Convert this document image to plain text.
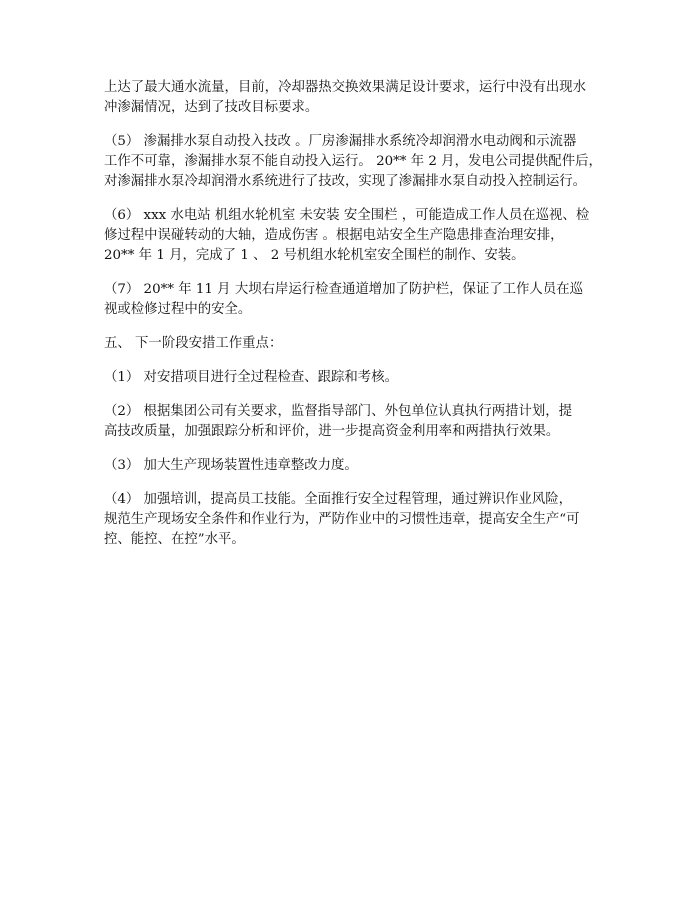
上达了最大通水流量，目前，冷却器热交换效果满足设计要求，运行中没有出现水
冲渗漏情况，达到了技改目标要求。

（5） 渗漏排水泵自动投入技改 。厂房渗漏排水系统冷却润滑水电动阀和示流器
工作不可靠，渗漏排水泵不能自动投入运行。 20** 年 2 月，发电公司提供配件后，
对渗漏排水泵冷却润滑水系统进行了技改，实现了渗漏排水泵自动投入控制运行。

（6） xxx 水电站 机组水轮机室 未安装 安全围栏 ，可能造成工作人员在巡视、检
修过程中误碰转动的大轴，造成伤害 。根据电站安全生产隐患排查治理安排，
20** 年 1 月，完成了 1 、 2 号机组水轮机室安全围栏的制作、安装。

（7） 20** 年 11 月 大坝右岸运行检查通道增加了防护栏，保证了工作人员在巡
视或检修过程中的安全。

五、 下一阶段安措工作重点：

（1） 对安措项目进行全过程检查、跟踪和考核。

（2） 根据集团公司有关要求，监督指导部门、外包单位认真执行两措计划，提
高技改质量，加强跟踪分析和评价，进一步提高资金利用率和两措执行效果。

（3） 加大生产现场装置性违章整改力度。

（4） 加强培训，提高员工技能。全面推行安全过程管理，通过辨识作业风险，
规范生产现场安全条件和作业行为，严防作业中的习惯性违章，提高安全生产“可
控、能控、在控”水平。
